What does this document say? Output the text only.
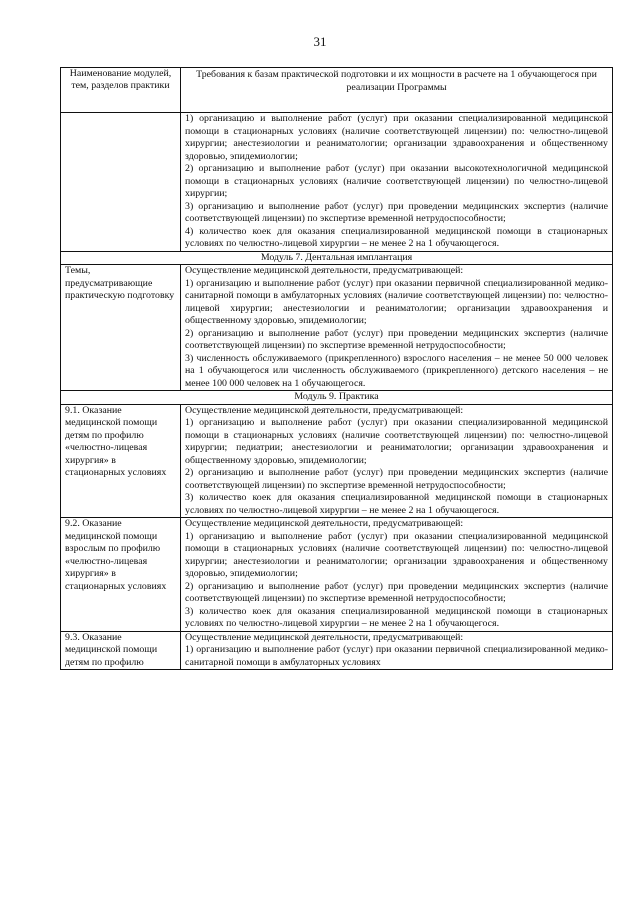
31
Наименование модулей, тем, разделов практики	Требования к базам практической подготовки и их мощности в расчете на 1 обучающегося при реализации Программы

	1) организацию и выполнение работ (услуг) при оказании специализированной медицинской помощи в стационарных условиях (наличие соответствующей лицензии) по: челюстно-лицевой хирургии; анестезиологии и реаниматологии; организации здравоохранения и общественному здоровью, эпидемиологии;

2) организацию и выполнение работ (услуг) при оказании высокотехнологичной медицинской помощи в стационарных условиях (наличие соответствующей лицензии) по челюстно-лицевой хирургии;

3) организацию и выполнение работ (услуг) при проведении медицинских экспертиз (наличие соответствующей лицензии) по экспертизе временной нетрудоспособности;

4) количество коек для оказания специализированной медицинской помощи в стационарных условиях по челюстно-лицевой хирургии – не менее 2 на 1 обучающегося.

Модуль 7. Дентальная имплантация	
Темы, предусматривающие практическую подготовку	Осуществление медицинской деятельности, предусматривающей:

1) организацию и выполнение работ (услуг) при оказании первичной специализированной медико-санитарной помощи в амбулаторных условиях (наличие соответствующей лицензии) по: челюстно-лицевой хирургии; анестезиологии и реаниматологии; организации здравоохранения и общественному здоровью, эпидемиологии;

2) организацию и выполнение работ (услуг) при проведении медицинских экспертиз (наличие соответствующей лицензии) по экспертизе временной нетрудоспособности;

3) численность обслуживаемого (прикрепленного) взрослого населения – не менее 50 000 человек на 1 обучающегося или численность обслуживаемого (прикрепленного) детского населения – не менее 100 000 человек на 1 обучающегося.

Модуль 9. Практика	
9.1. Оказание медицинской помощи детям по профилю «челюстно-лицевая хирургия» в стационарных условиях	Осуществление медицинской деятельности, предусматривающей:

1) организацию и выполнение работ (услуг) при оказании специализированной медицинской помощи в стационарных условиях (наличие соответствующей лицензии) по: челюстно-лицевой хирургии; педиатрии; анестезиологии и реаниматологии; организации здравоохранения и общественному здоровью, эпидемиологии;

2) организацию и выполнение работ (услуг) при проведении медицинских экспертиз (наличие соответствующей лицензии) по экспертизе временной нетрудоспособности;

3) количество коек для оказания специализированной медицинской помощи в стационарных условиях по челюстно-лицевой хирургии – не менее 2 на 1 обучающегося.

9.2. Оказание медицинской помощи взрослым по профилю «челюстно-лицевая хирургия» в стационарных условиях	Осуществление медицинской деятельности, предусматривающей:

1) организацию и выполнение работ (услуг) при оказании специализированной медицинской помощи в стационарных условиях (наличие соответствующей лицензии) по: челюстно-лицевой хирургии; анестезиологии и реаниматологии; организации здравоохранения и общественному здоровью, эпидемиологии;

2) организацию и выполнение работ (услуг) при проведении медицинских экспертиз (наличие соответствующей лицензии) по экспертизе временной нетрудоспособности;

3) количество коек для оказания специализированной медицинской помощи в стационарных условиях по челюстно-лицевой хирургии – не менее 2 на 1 обучающегося.

9.3. Оказание медицинской помощи детям по профилю	Осуществление медицинской деятельности, предусматривающей:

1) организацию и выполнение работ (услуг) при оказании первичной специализированной медико-санитарной помощи в амбулаторных условиях
